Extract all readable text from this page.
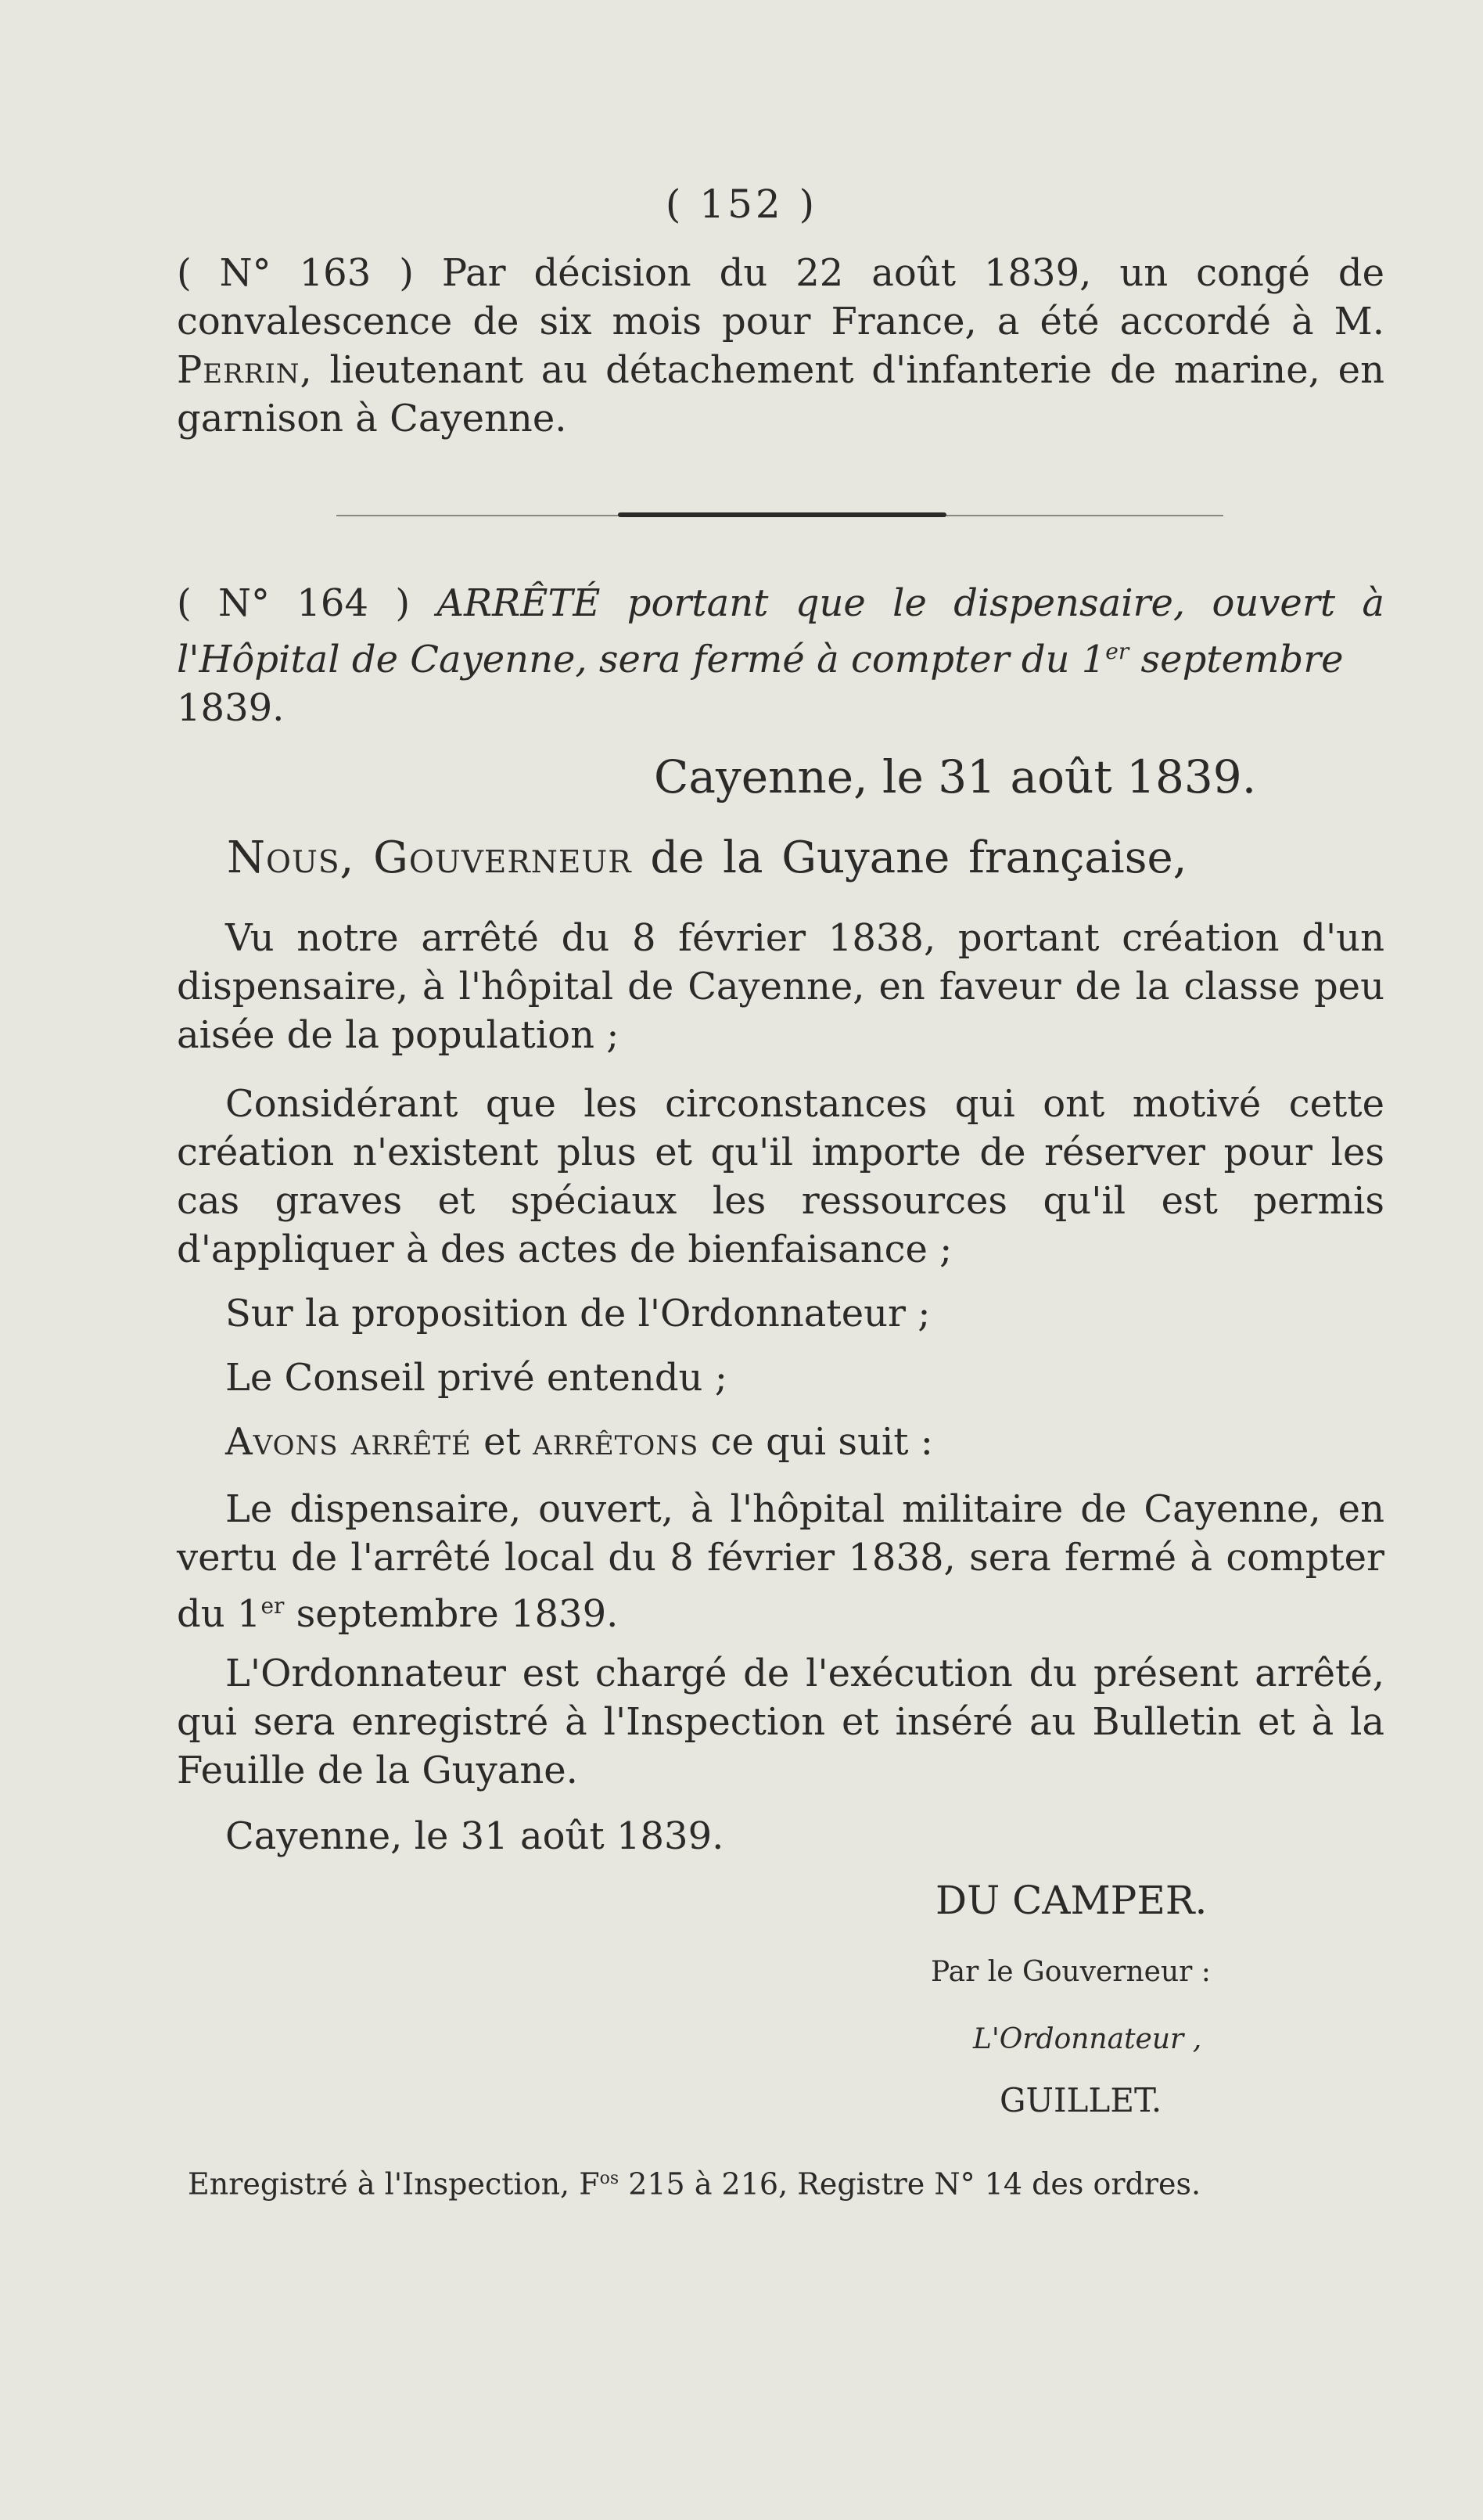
( 152 )
( N° 163 ) Par décision du 22 août 1839, un congé de convalescence de six mois pour France, a été accordé à M. Perrin, lieutenant au détachement d'infanterie de marine, en garnison à Cayenne.
( N° 164 ) ARRÊTÉ portant que le dispensaire, ouvert à l'Hôpital de Cayenne, sera fermé à compter du 1er septembre
1839.
Cayenne, le 31 août 1839.
Nous, Gouverneur de la Guyane française,
Vu notre arrêté du 8 février 1838, portant création d'un dispensaire, à l'hôpital de Cayenne, en faveur de la classe peu aisée de la population ;
Considérant que les circonstances qui ont motivé cette création n'existent plus et qu'il importe de réserver pour les cas graves et spéciaux les ressources qu'il est permis d'appliquer à des actes de bienfaisance ;
Sur la proposition de l'Ordonnateur ;
Le Conseil privé entendu ;
Avons arrêté et arrêtons ce qui suit :
Le dispensaire, ouvert, à l'hôpital militaire de Cayenne, en vertu de l'arrêté local du 8 février 1838, sera fermé à compter du 1er septembre 1839.
L'Ordonnateur est chargé de l'exécution du présent arrêté, qui sera enregistré à l'Inspection et inséré au Bulletin et à la Feuille de la Guyane.
Cayenne, le 31 août 1839.
DU CAMPER.
Par le Gouverneur :
L'Ordonnateur ,
GUILLET.
Enregistré à l'Inspection, $F^{os}$ 215 à 216, Registre N° 14 des ordres.
